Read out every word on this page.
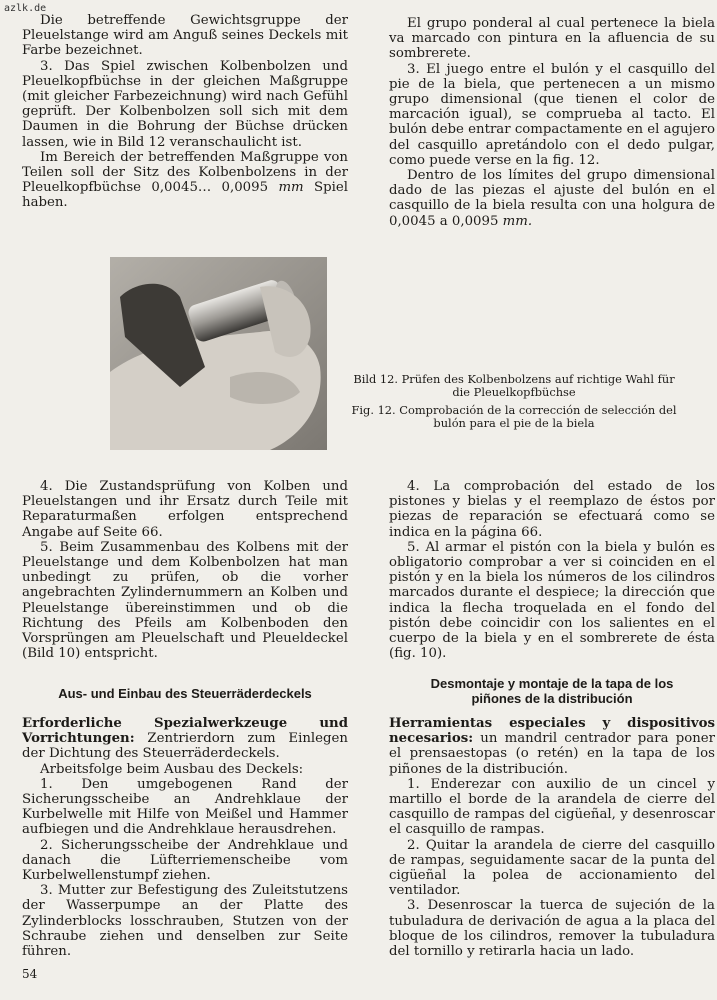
azlk.de

Die betreffende Gewichtsgruppe der Pleuelstange wird am Anguß seines Deckels mit Farbe bezeichnet.

3. Das Spiel zwischen Kolbenbolzen und Pleuelkopfbüchse in der gleichen Maßgruppe (mit gleicher Farbezeichnung) wird nach Gefühl geprüft. Der Kolbenbolzen soll sich mit dem Daumen in die Bohrung der Büchse drücken lassen, wie in Bild 12 veranschaulicht ist.

Im Bereich der betreffenden Maßgruppe von Teilen soll der Sitz des Kolbenbolzens in der Pleuelkopfbüchse 0,0045… 0,0095 mm Spiel haben.

El grupo ponderal al cual pertenece la biela va marcado con pintura en la afluencia de su sombrerete.

3. El juego entre el bulón y el casquillo del pie de la biela, que pertenecen a un mismo grupo dimensional (que tienen el color de marcación igual), se comprueba al tacto. El bulón debe entrar compactamente en el agujero del casquillo apretándolo con el dedo pulgar, como puede verse en la fig. 12.

Dentro de los límites del grupo dimensional dado de las piezas el ajuste del bulón en el casquillo de la biela resulta con una holgura de 0,0045 a 0,0095 mm.

Bild 12. Prüfen des Kolbenbolzens auf richtige Wahl für die Pleuelkopfbüchse
Fig. 12. Comprobación de la corrección de selección del bulón para el pie de la biela

4. Die Zustandsprüfung von Kolben und Pleuelstangen und ihr Ersatz durch Teile mit Reparaturmaßen erfolgen entsprechend Angabe auf Seite 66.

5. Beim Zusammenbau des Kolbens mit der Pleuelstange und dem Kolbenbolzen hat man unbedingt zu prüfen, ob die vorher angebrachten Zylindernummern an Kolben und Pleuelstange übereinstimmen und ob die Richtung des Pfeils am Kolbenboden den Vorsprüngen am Pleuelschaft und Pleueldeckel (Bild 10) entspricht.

4. La comprobación del estado de los pistones y bielas y el reemplazo de éstos por piezas de reparación se efectuará como se indica en la página 66.

5. Al armar el pistón con la biela y bulón es obligatorio comprobar a ver si coinciden en el pistón y en la biela los números de los cilindros marcados durante el despiece; la dirección que indica la flecha troquelada en el fondo del pistón debe coincidir con los salientes en el cuerpo de la biela y en el sombrerete de ésta (fig. 10).

Aus- und Einbau des Steuerräderdeckels

Erforderliche Spezialwerkzeuge und Vorrichtungen: Zentrierdorn zum Einlegen der Dichtung des Steuerräderdeckels.

Arbeitsfolge beim Ausbau des Deckels:

1. Den umgebogenen Rand der Sicherungsscheibe an Andrehklaue der Kurbelwelle mit Hilfe von Meißel und Hammer aufbiegen und die Andrehklaue herausdrehen.

2. Sicherungsscheibe der Andrehklaue und danach die Lüfterriemenscheibe vom Kurbelwellenstumpf ziehen.

3. Mutter zur Befestigung des Zuleitstutzens der Wasserpumpe an der Platte des Zylinderblocks losschrauben, Stutzen von der Schraube ziehen und denselben zur Seite führen.

Desmontaje y montaje de la tapa de los piñones de la distribución

Herramientas especiales y dispositivos necesarios: un mandril centrador para poner el prensaestopas (o retén) en la tapa de los piñones de la distribución.

1. Enderezar con auxilio de un cincel y martillo el borde de la arandela de cierre del casquillo de rampas del cigüeñal, y desenroscar el casquillo de rampas.

2. Quitar la arandela de cierre del casquillo de rampas, seguidamente sacar de la punta del cigüeñal la polea de accionamiento del ventilador.

3. Desenroscar la tuerca de sujeción de la tubuladura de derivación de agua a la placa del bloque de los cilindros, remover la tubuladura del tornillo y retirarla hacia un lado.

54
